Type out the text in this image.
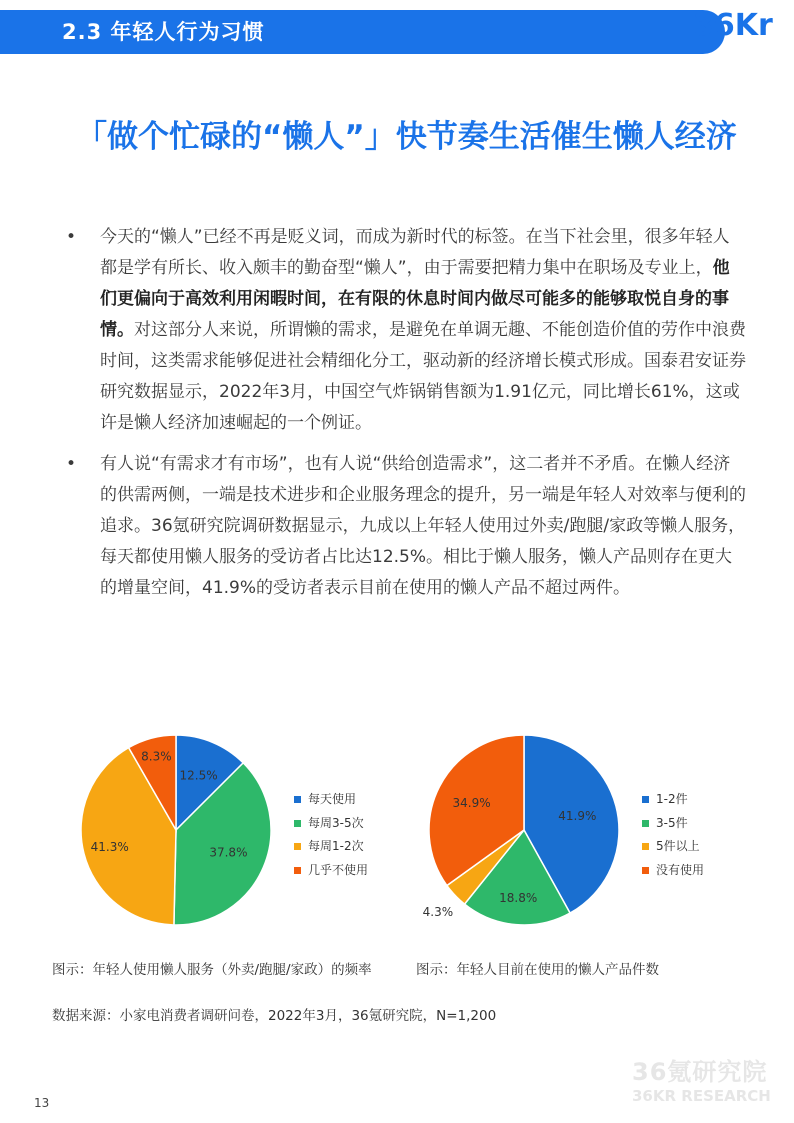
2.3 年轻人行为习惯	36Kr
「做个忙碌的“懒人”」快节奏生活催生懒人经济
• 今天的“懒人”已经不再是贬义词，而成为新时代的标签。在当下社会里，很多年轻人都是学有所长、收入颇丰的勤奋型“懒人”，由于需要把精力集中在职场及专业上，他们更偏向于高效利用闲暇时间，在有限的休息时间内做尽可能多的能够取悦自身的事情。对这部分人来说，所谓懒的需求，是避免在单调无趣、不能创造价值的劳作中浪费时间，这类需求能够促进社会精细化分工，驱动新的经济增长模式形成。国泰君安证券研究数据显示，2022年3月，中国空气炸锅销售额为1.91亿元，同比增长61%，这或许是懒人经济加速崛起的一个例证。
• 有人说“有需求才有市场”，也有人说“供给创造需求”，这二者并不矛盾。在懒人经济的供需两侧，一端是技术进步和企业服务理念的提升，另一端是年轻人对效率与便利的追求。36氪研究院调研数据显示，九成以上年轻人使用过外卖/跑腿/家政等懒人服务，每天都使用懒人服务的受访者占比达12.5%。相比于懒人服务，懒人产品则存在更大的增量空间，41.9%的受访者表示目前在使用的懒人产品不超过两件。
12.5%
37.8%
41.3%
8.3%
每天使用
每周3-5次
每周1-2次
几乎不使用
41.9%
18.8%
4.3%
34.9%	1-2件
3-5件
5件以上
没有使用
图示：年轻人使用懒人服务（外卖/跑腿/家政）的频率	图示：年轻人目前在使用的懒人产品件数
数据来源：小家电消费者调研问卷，2022年3月，36氪研究院，N=1,200
36氪研究院
36KR RESEARCH
13
